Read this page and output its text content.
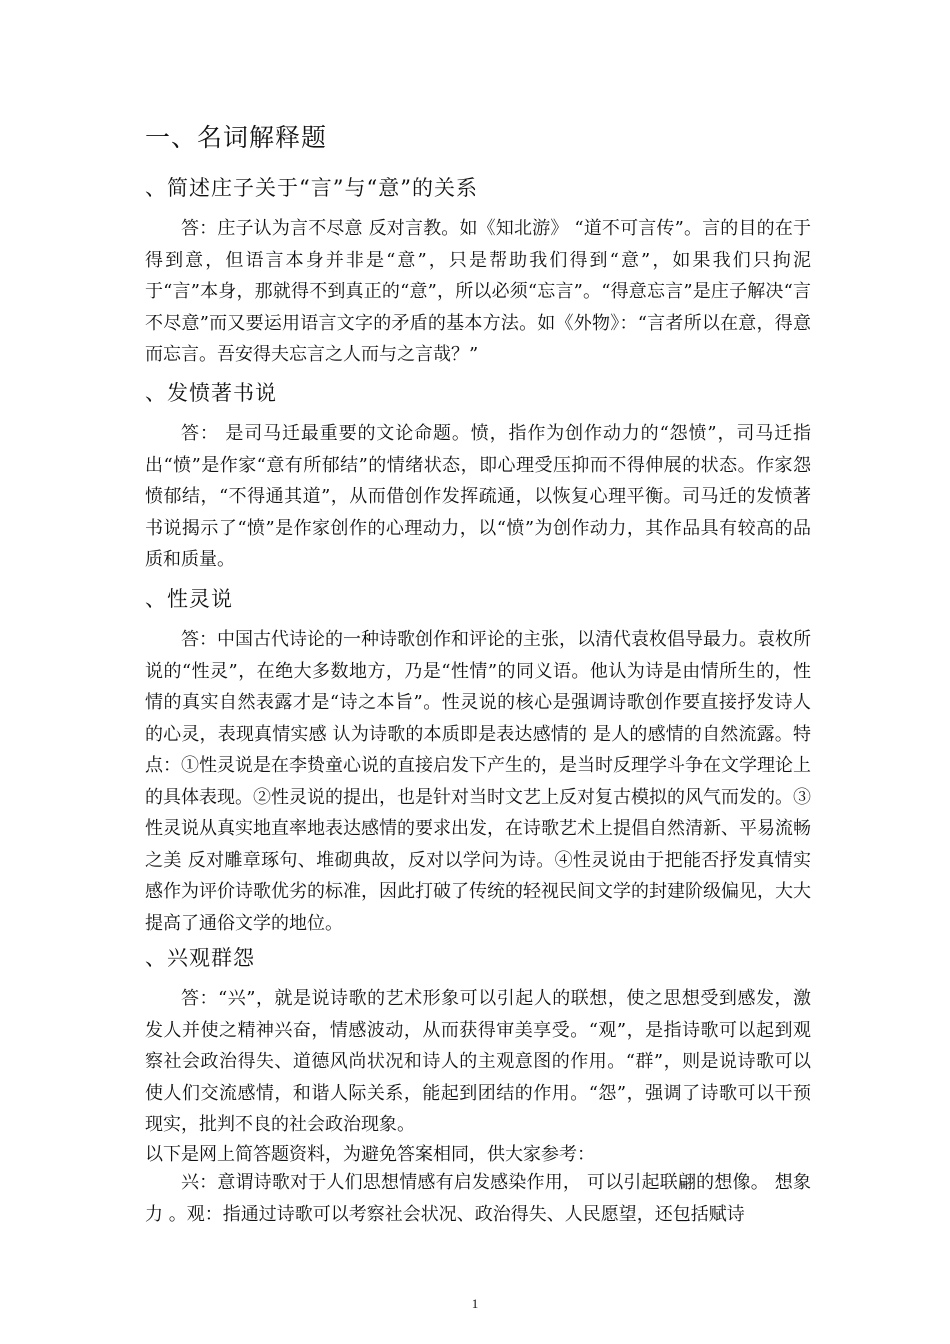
一、名词解释题
、简述庄子关于“言”与“意”的关系
答：庄子认为言不尽意 反对言教。如《知北游》 “道不可言传”。言的目的在于得到意，但语言本身并非是“意”，只是帮助我们得到“意”，如果我们只拘泥于“言”本身，那就得不到真正的“意”，所以必须“忘言”。“得意忘言”是庄子解决“言不尽意”而又要运用语言文字的矛盾的基本方法。如《外物》：“言者所以在意，得意而忘言。吾安得夫忘言之人而与之言哉？”
、发愤著书说
答： 是司马迁最重要的文论命题。愤，指作为创作动力的“怨愤”，司马迁指出“愤”是作家“意有所郁结”的情绪状态，即心理受压抑而不得伸展的状态。作家怨愤郁结，“不得通其道”，从而借创作发挥疏通，以恢复心理平衡。司马迁的发愤著书说揭示了“愤”是作家创作的心理动力，以“愤”为创作动力，其作品具有较高的品质和质量。
、性灵说
答：中国古代诗论的一种诗歌创作和评论的主张，以清代袁枚倡导最力。袁枚所说的“性灵”，在绝大多数地方，乃是“性情”的同义语。他认为诗是由情所生的，性情的真实自然表露才是“诗之本旨”。性灵说的核心是强调诗歌创作要直接抒发诗人的心灵，表现真情实感 认为诗歌的本质即是表达感情的 是人的感情的自然流露。特点：①性灵说是在李贽童心说的直接启发下产生的，是当时反理学斗争在文学理论上的具体表现。②性灵说的提出，也是针对当时文艺上反对复古模拟的风气而发的。③性灵说从真实地直率地表达感情的要求出发，在诗歌艺术上提倡自然清新、平易流畅之美 反对雕章琢句、堆砌典故，反对以学问为诗。④性灵说由于把能否抒发真情实感作为评价诗歌优劣的标准，因此打破了传统的轻视民间文学的封建阶级偏见，大大提高了通俗文学的地位。
、兴观群怨
答：“兴”，就是说诗歌的艺术形象可以引起人的联想，使之思想受到感发，激发人并使之精神兴奋，情感波动，从而获得审美享受。“观”，是指诗歌可以起到观察社会政治得失、道德风尚状况和诗人的主观意图的作用。“群”，则是说诗歌可以使人们交流感情，和谐人际关系，能起到团结的作用。“怨”，强调了诗歌可以干预现实，批判不良的社会政治现象。
以下是网上简答题资料，为避免答案相同，供大家参考：
兴：意谓诗歌对于人们思想情感有启发感染作用， 可以引起联翩的想像。 想象力 。观：指通过诗歌可以考察社会状况、政治得失、人民愿望，还包括赋诗
1
